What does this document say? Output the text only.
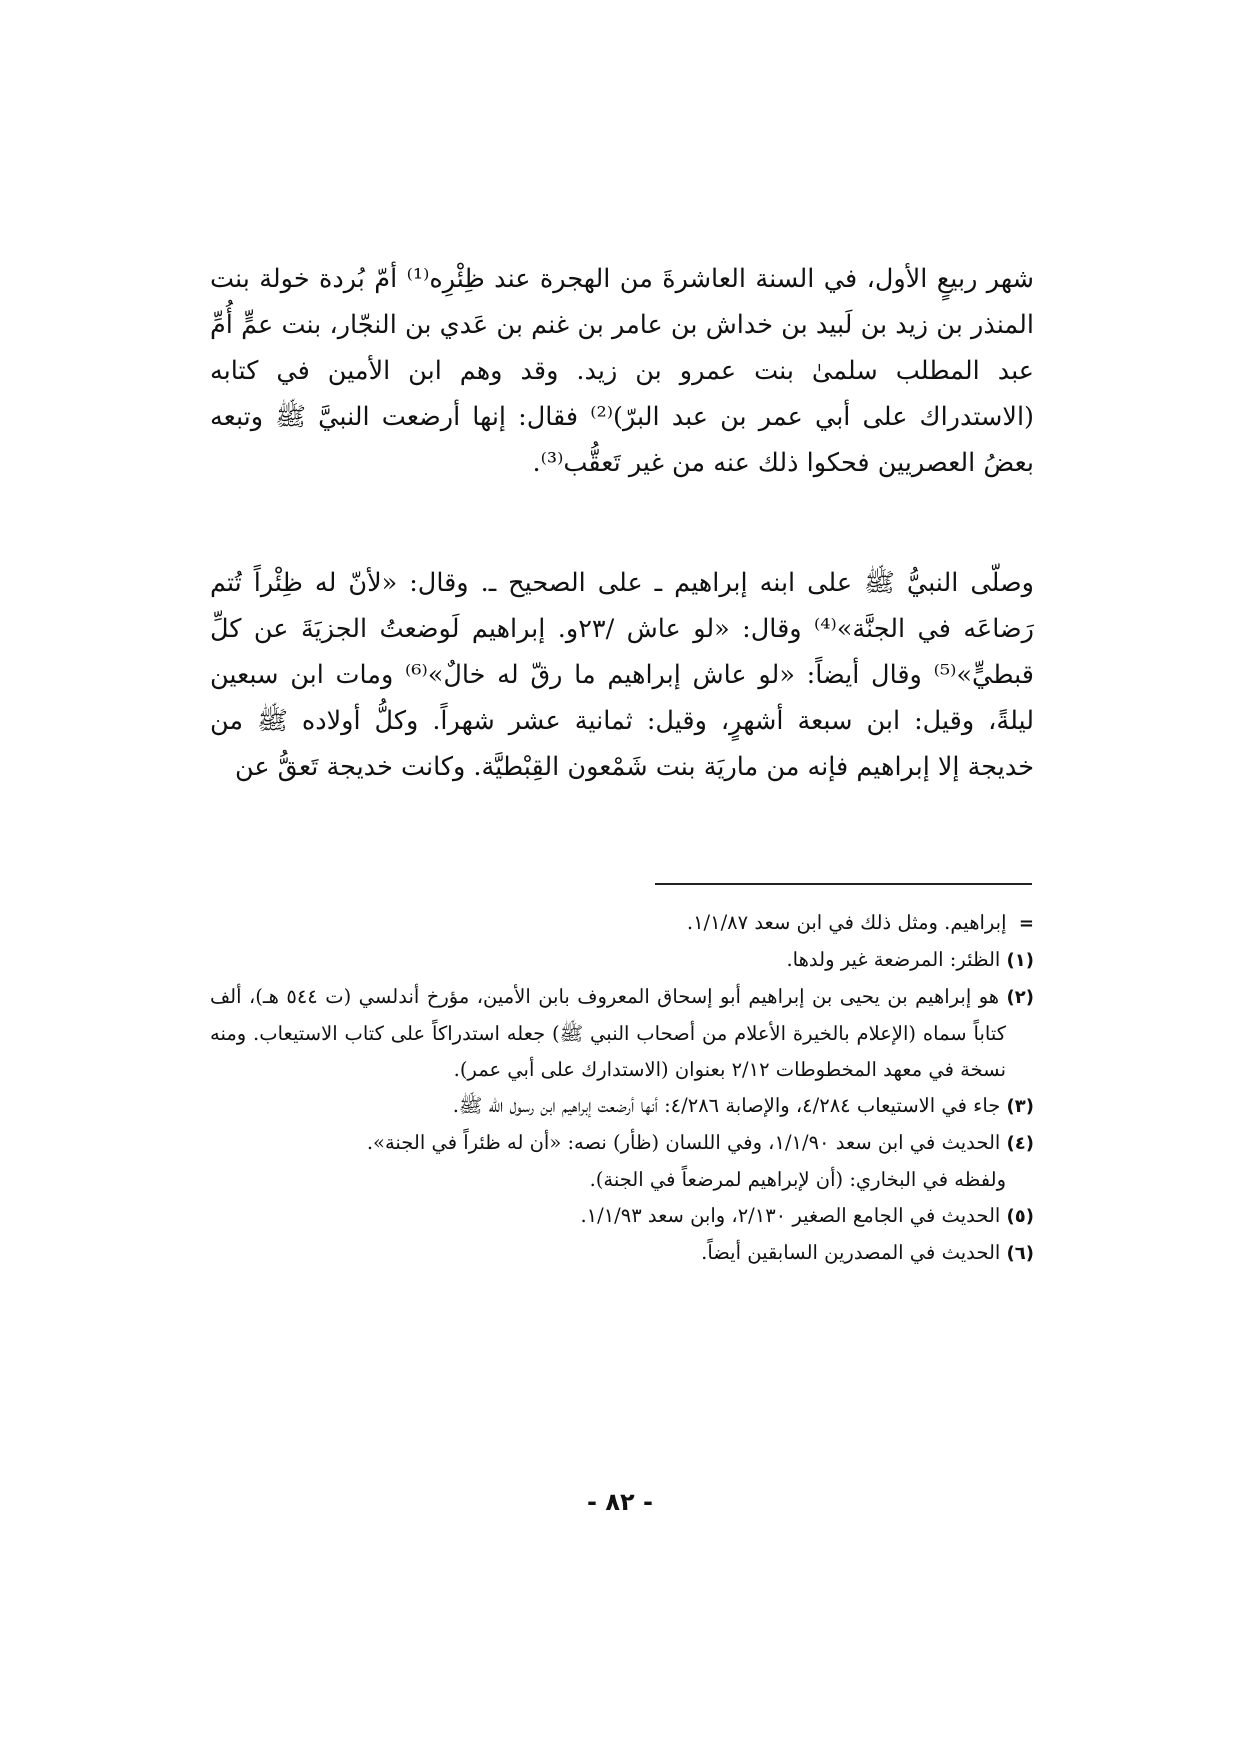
شهر ربيعٍ الأول، في السنة العاشرةَ من الهجرة عند ظِئْرِه⁽¹⁾ أمّ بُردة خولة بنت المنذر بن زيد بن لَبيد بن خداش بن عامر بن غنم بن عَدي بن النجّار، بنت عمٍّ أُمِّ عبد المطلب سلمىٰ بنت عمرو بن زيد. وقد وهم ابن الأمين في كتابه (الاستدراك على أبي عمر بن عبد البرّ)⁽²⁾ فقال: إنها أرضعت النبيَّ ﷺ وتبعه بعضُ العصريين فحكوا ذلك عنه من غير تَعقُّب⁽³⁾.

وصلّى النبيُّ ﷺ على ابنه إبراهيم ـ على الصحيح ـ. وقال: «لأنّ له ظِئْراً تُتم رَضاعَه في الجنَّة»⁽⁴⁾ وقال: «لو عاش /٢٣و. إبراهيم لَوضعتُ الجزيَةَ عن كلِّ قبطيٍّ»⁽⁵⁾ وقال أيضاً: «لو عاش إبراهيم ما رقّ له خالٌ»⁽⁶⁾ ومات ابن سبعين ليلةً، وقيل: ابن سبعة أشهرٍ، وقيل: ثمانية عشر شهراً. وكلُّ أولاده ﷺ من خديجة إلا إبراهيم فإنه من ماريَة بنت شَمْعون القِبْطيَّة. وكانت خديجة تَعقُّ عن

=  إبراهيم. ومثل ذلك في ابن سعد ١/١/٨٧.
(١) الظئر: المرضعة غير ولدها.
(٢) هو إبراهيم بن يحيى بن إبراهيم أبو إسحاق المعروف بابن الأمين، مؤرخ أندلسي (ت ٥٤٤ هـ)، ألف كتاباً سماه (الإعلام بالخيرة الأعلام من أصحاب النبي ﷺ) جعله استدراكاً على كتاب الاستيعاب. ومنه نسخة في معهد المخطوطات ٢/١٢ بعنوان (الاستدارك على أبي عمر).
(٣) جاء في الاستيعاب ٤/٢٨٤، والإصابة ٤/٢٨٦: أنها أرضعت إبراهيم ابن رسول الله ﷺ.
(٤) الحديث في ابن سعد ١/١/٩٠، وفي اللسان (ظأر) نصه: «أن له ظئراً في الجنة».
ولفظه في البخاري: (أن لإبراهيم لمرضعاً في الجنة).
(٥) الحديث في الجامع الصغير ٢/١٣٠، وابن سعد ١/١/٩٣.
(٦) الحديث في المصدرين السابقين أيضاً.
- ٨٢ -
